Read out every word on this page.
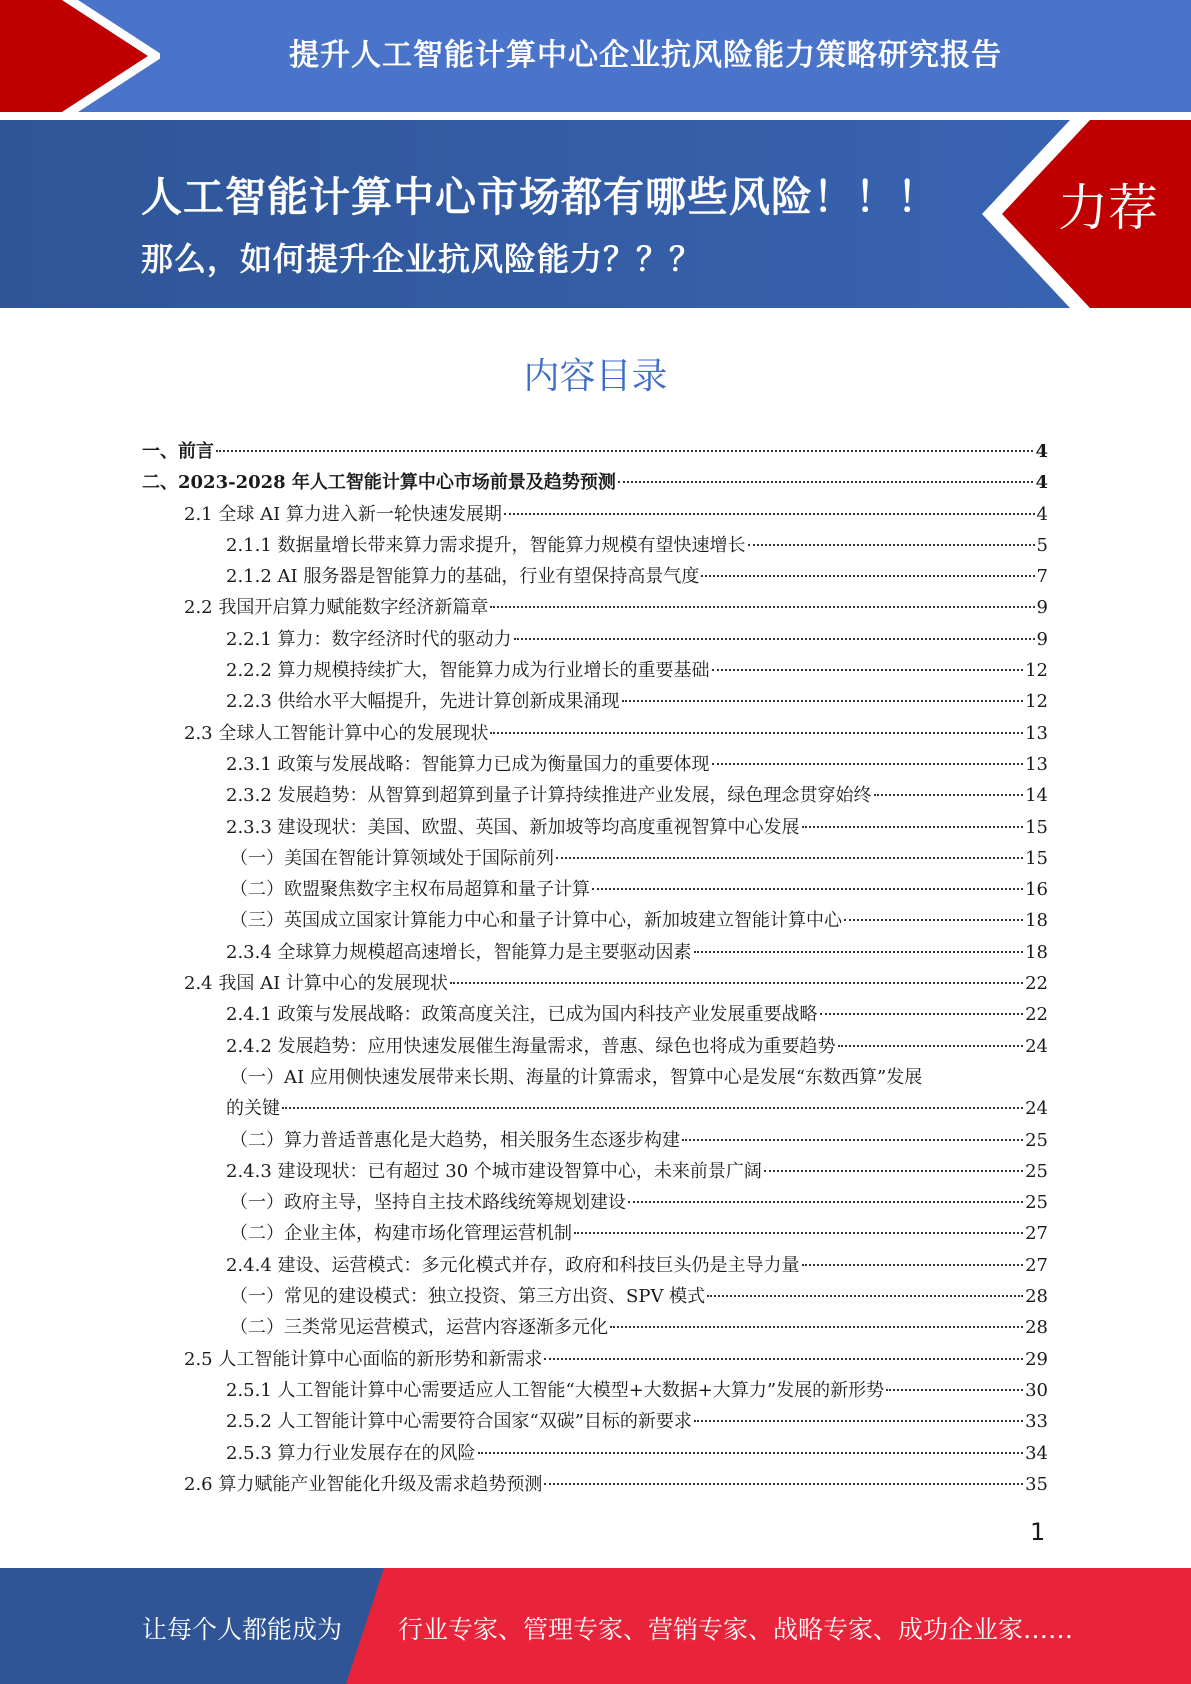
提升人工智能计算中心企业抗风险能力策略研究报告
人工智能计算中心市场都有哪些风险！！！
那么，如何提升企业抗风险能力？？？
力荐
内容目录
一、前言	4
二、2023-2028 年人工智能计算中心市场前景及趋势预测	4
2.1 全球 AI 算力进入新一轮快速发展期	4
2.1.1 数据量增长带来算力需求提升，智能算力规模有望快速增长	5
2.1.2 AI 服务器是智能算力的基础，行业有望保持高景气度	7
2.2 我国开启算力赋能数字经济新篇章	9
2.2.1 算力：数字经济时代的驱动力	9
2.2.2 算力规模持续扩大，智能算力成为行业增长的重要基础	12
2.2.3 供给水平大幅提升，先进计算创新成果涌现	12
2.3 全球人工智能计算中心的发展现状	13
2.3.1 政策与发展战略：智能算力已成为衡量国力的重要体现	13
2.3.2 发展趋势：从智算到超算到量子计算持续推进产业发展，绿色理念贯穿始终	14
2.3.3 建设现状：美国、欧盟、英国、新加坡等均高度重视智算中心发展	15
（一）美国在智能计算领域处于国际前列	15
（二）欧盟聚焦数字主权布局超算和量子计算	16
（三）英国成立国家计算能力中心和量子计算中心，新加坡建立智能计算中心	18
2.3.4 全球算力规模超高速增长，智能算力是主要驱动因素	18
2.4 我国 AI 计算中心的发展现状	22
2.4.1 政策与发展战略：政策高度关注，已成为国内科技产业发展重要战略	22
2.4.2 发展趋势：应用快速发展催生海量需求，普惠、绿色也将成为重要趋势	24
（一）AI 应用侧快速发展带来长期、海量的计算需求，智算中心是发展“东数西算”发展
的关键	24
（二）算力普适普惠化是大趋势，相关服务生态逐步构建	25
2.4.3 建设现状：已有超过 30 个城市建设智算中心，未来前景广阔	25
（一）政府主导，坚持自主技术路线统筹规划建设	25
（二）企业主体，构建市场化管理运营机制	27
2.4.4 建设、运营模式：多元化模式并存，政府和科技巨头仍是主导力量	27
（一）常见的建设模式：独立投资、第三方出资、SPV 模式	28
（二）三类常见运营模式，运营内容逐渐多元化	28
2.5 人工智能计算中心面临的新形势和新需求	29
2.5.1 人工智能计算中心需要适应人工智能“大模型+大数据+大算力”发展的新形势	30
2.5.2 人工智能计算中心需要符合国家“双碳”目标的新要求	33
2.5.3 算力行业发展存在的风险	34
2.6 算力赋能产业智能化升级及需求趋势预测	35
1
让每个人都能成为 行业专家、管理专家、营销专家、战略专家、成功企业家……
